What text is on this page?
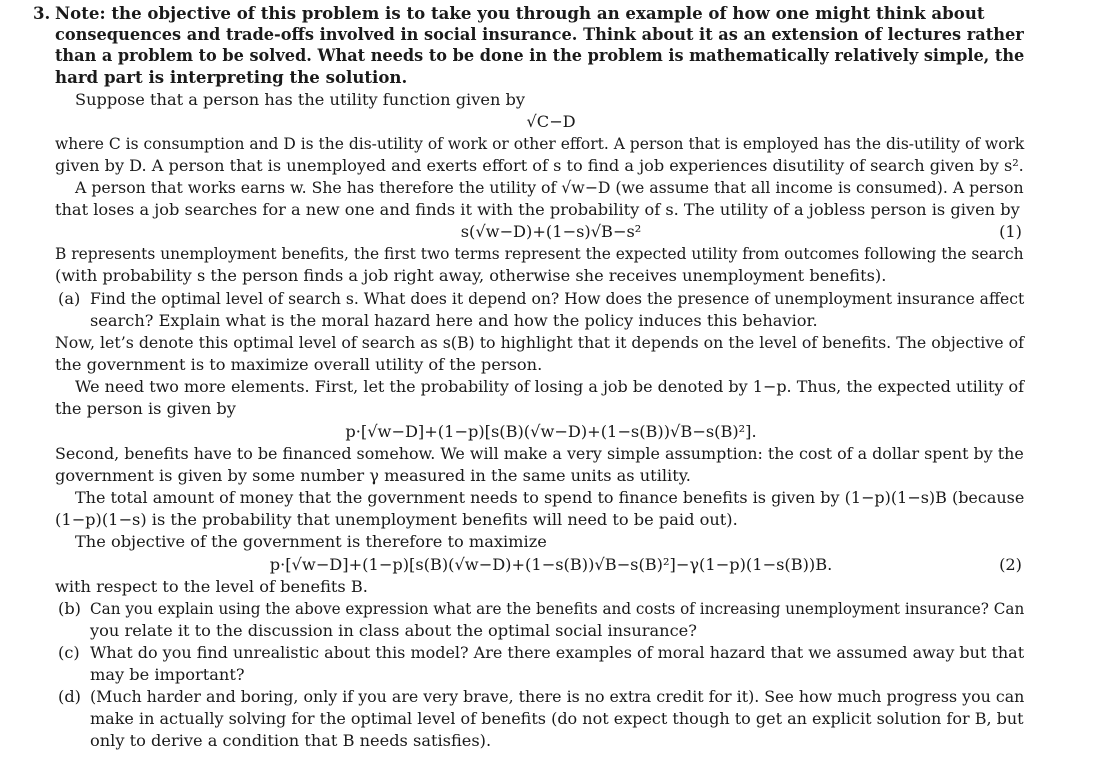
3. Note: the objective of this problem is to take you through an example of how one might think about
consequences and trade-offs involved in social insurance. Think about it as an extension of lectures rather
than a problem to be solved. What needs to be done in the problem is mathematically relatively simple, the
hard part is interpreting the solution.
Suppose that a person has the utility function given by
√C−D
where C is consumption and D is the dis-utility of work or other effort. A person that is employed has the dis-utility of work
given by D. A person that is unemployed and exerts effort of s to find a job experiences disutility of search given by s².
A person that works earns w. She has therefore the utility of √w−D (we assume that all income is consumed). A person
that loses a job searches for a new one and finds it with the probability of s. The utility of a jobless person is given by
s(√w−D)+(1−s)√B−s²	(1)
B represents unemployment benefits, the first two terms represent the expected utility from outcomes following the search
(with probability s the person finds a job right away, otherwise she receives unemployment benefits).
(a) Find the optimal level of search s. What does it depend on? How does the presence of unemployment insurance affect
search? Explain what is the moral hazard here and how the policy induces this behavior.
Now, let’s denote this optimal level of search as s(B) to highlight that it depends on the level of benefits. The objective of
the government is to maximize overall utility of the person.
We need two more elements. First, let the probability of losing a job be denoted by 1−p. Thus, the expected utility of
the person is given by
p·[√w−D]+(1−p)[s(B)(√w−D)+(1−s(B))√B−s(B)²].
Second, benefits have to be financed somehow. We will make a very simple assumption: the cost of a dollar spent by the
government is given by some number γ measured in the same units as utility.
The total amount of money that the government needs to spend to finance benefits is given by (1−p)(1−s)B (because
(1−p)(1−s) is the probability that unemployment benefits will need to be paid out).
The objective of the government is therefore to maximize
p·[√w−D]+(1−p)[s(B)(√w−D)+(1−s(B))√B−s(B)²]−γ(1−p)(1−s(B))B.	(2)
with respect to the level of benefits B.
(b) Can you explain using the above expression what are the benefits and costs of increasing unemployment insurance? Can
you relate it to the discussion in class about the optimal social insurance?
(c) What do you find unrealistic about this model? Are there examples of moral hazard that we assumed away but that
may be important?
(d) (Much harder and boring, only if you are very brave, there is no extra credit for it). See how much progress you can
make in actually solving for the optimal level of benefits (do not expect though to get an explicit solution for B, but
only to derive a condition that B needs satisfies).
